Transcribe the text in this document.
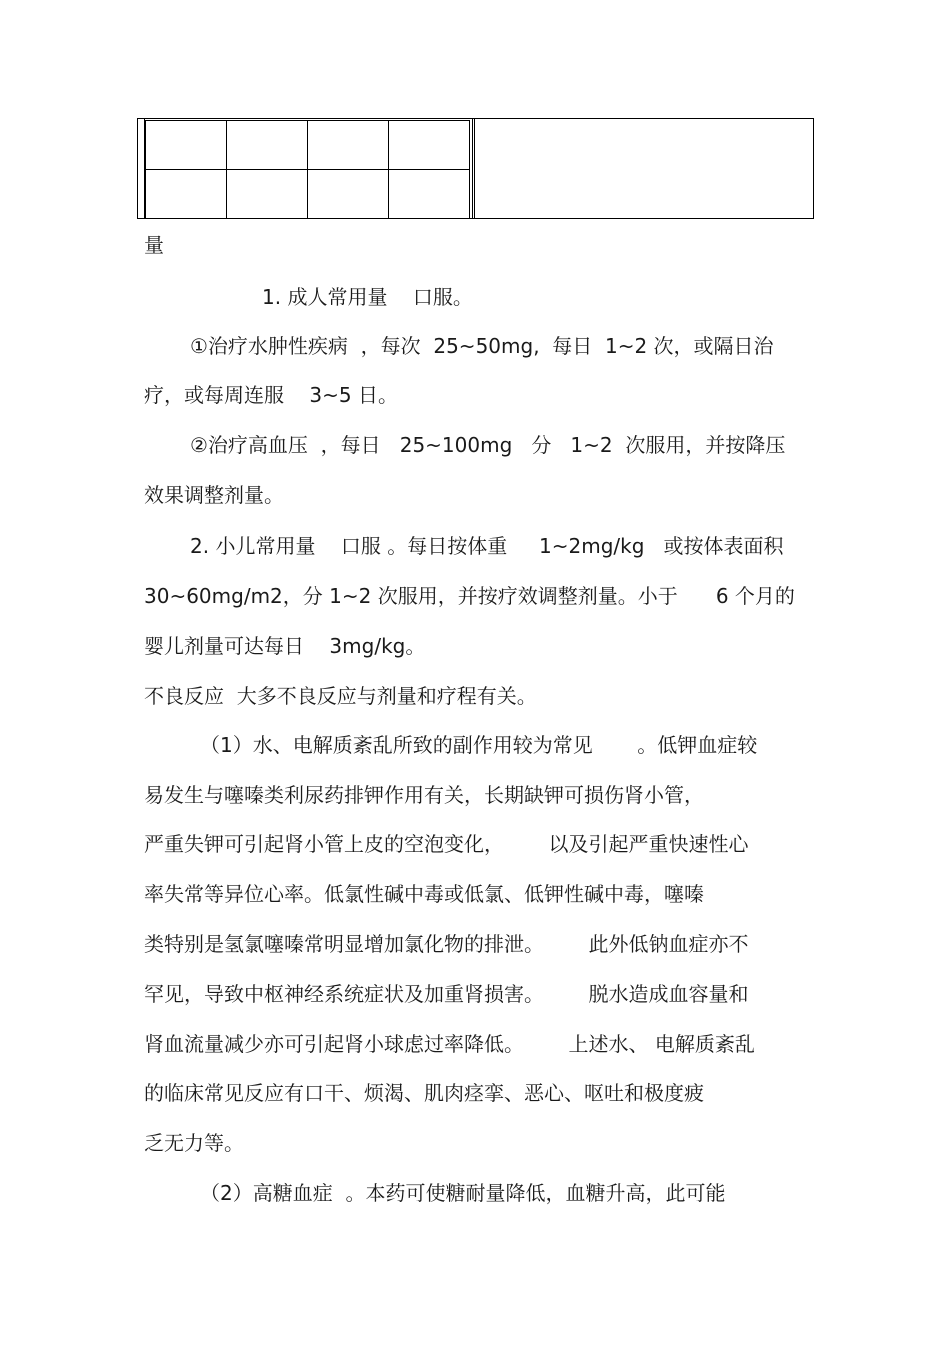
量
1. 成人常用量    口服。
①治疗水肿性疾病  ，每次  25~50mg,  每日  1~2 次，或隔日治
疗，或每周连服    3~5 日。
②治疗高血压  ，每日   25~100mg   分   1~2  次服用，并按降压
效果调整剂量。
2. 小儿常用量    口服 。每日按体重     1~2mg/kg   或按体表面积
30~60mg/m2，分 1~2 次服用，并按疗效调整剂量。小于      6 个月的
婴儿剂量可达每日    3mg/kg。
不良反应  大多不良反应与剂量和疗程有关。
（1）水、电解质紊乱所致的副作用较为常见       。低钾血症较
易发生与噻嗪类利尿药排钾作用有关，长期缺钾可损伤肾小管，
严重失钾可引起肾小管上皮的空泡变化，       以及引起严重快速性心
率失常等异位心率。低氯性碱中毒或低氯、低钾性碱中毒，噻嗪
类特别是氢氯噻嗪常明显增加氯化物的排泄。       此外低钠血症亦不
罕见，导致中枢神经系统症状及加重肾损害。       脱水造成血容量和
肾血流量减少亦可引起肾小球虑过率降低。       上述水、 电解质紊乱
的临床常见反应有口干、烦渴、肌肉痉挛、恶心、呕吐和极度疲
乏无力等。
（2）高糖血症  。本药可使糖耐量降低，血糖升高，此可能
